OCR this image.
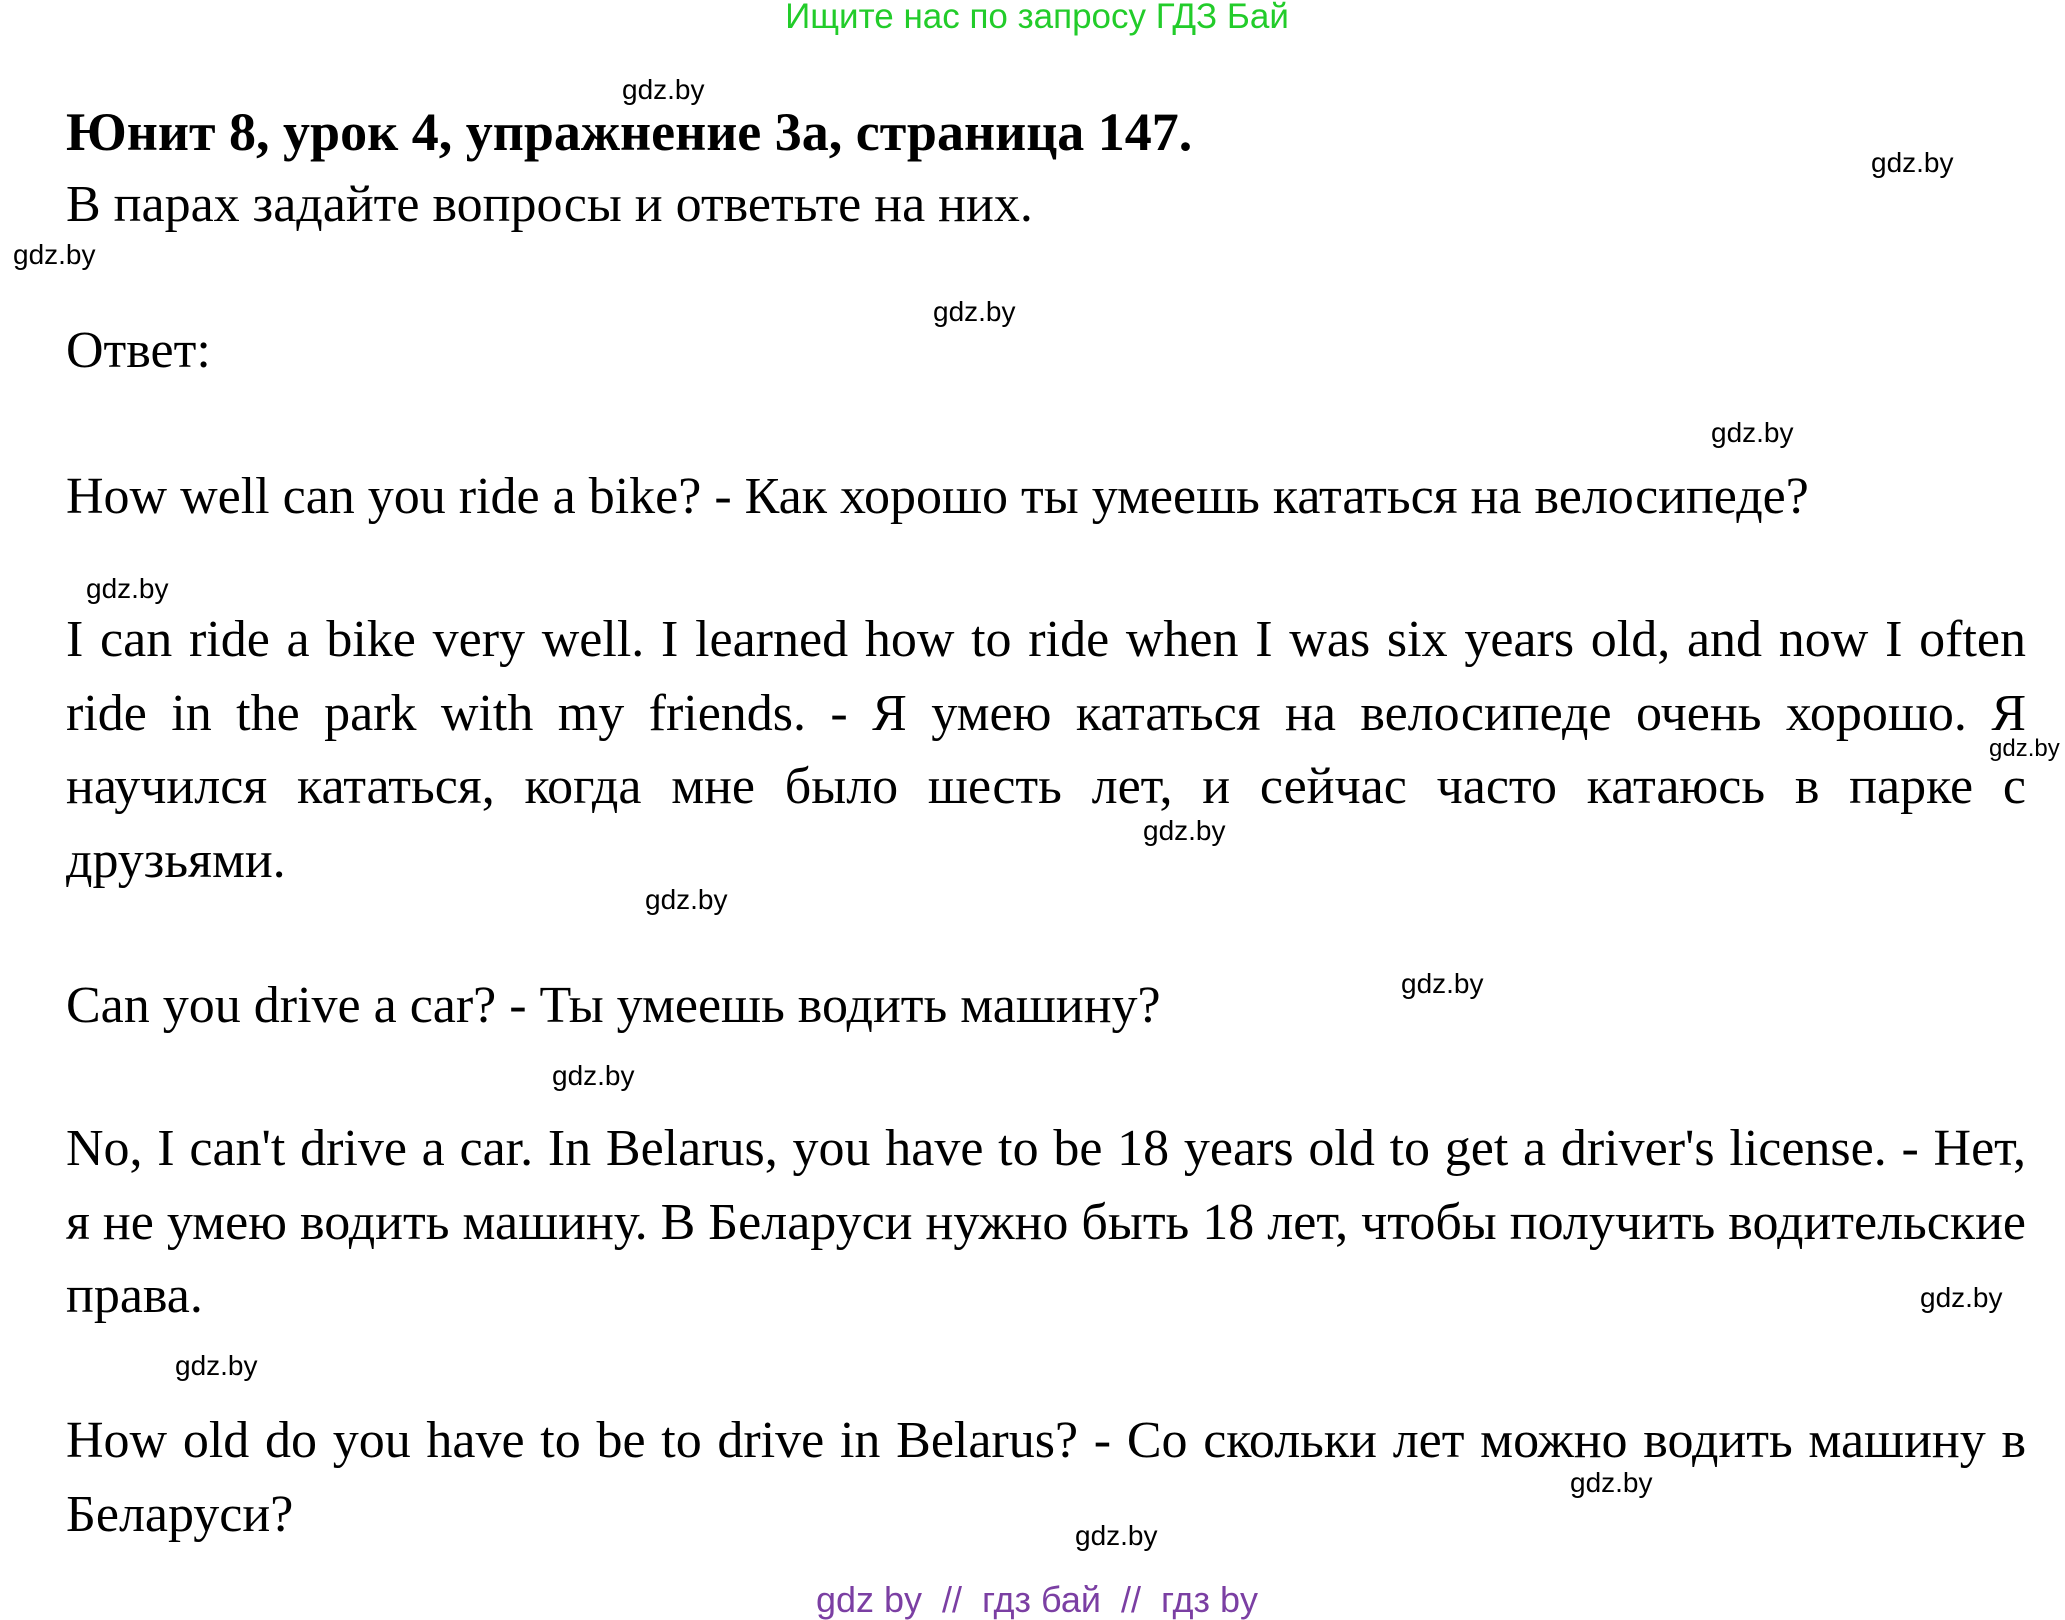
Ищите нас по запросу ГДЗ Бай
Юнит 8, урок 4, упражнение 3а, страница 147.
В парах задайте вопросы и ответьте на них.
Ответ:
How well can you ride a bike? - Как хорошо ты умеешь кататься на велосипеде?
I can ride a bike very well. I learned how to ride when I was six years old, and now I often ride in the park with my friends. - Я умею кататься на велосипеде очень хорошо. Я научился кататься, когда мне было шесть лет, и сейчас часто катаюсь в парке с друзьями.
Can you drive a car? - Ты умеешь водить машину?
No, I can't drive a car. In Belarus, you have to be 18 years old to get a driver's license. - Нет, я не умею водить машину. В Беларуси нужно быть 18 лет, чтобы получить водительские права.
How old do you have to be to drive in Belarus? - Со скольки лет можно водить машину в Беларуси?
gdz.by
gdz.by
gdz.by
gdz.by
gdz.by
gdz.by
gdz.by
gdz.by
gdz.by
gdz.by
gdz.by
gdz.by
gdz.by
gdz.by
gdz.by
gdz by  //  гдз бай  //  гдз by
